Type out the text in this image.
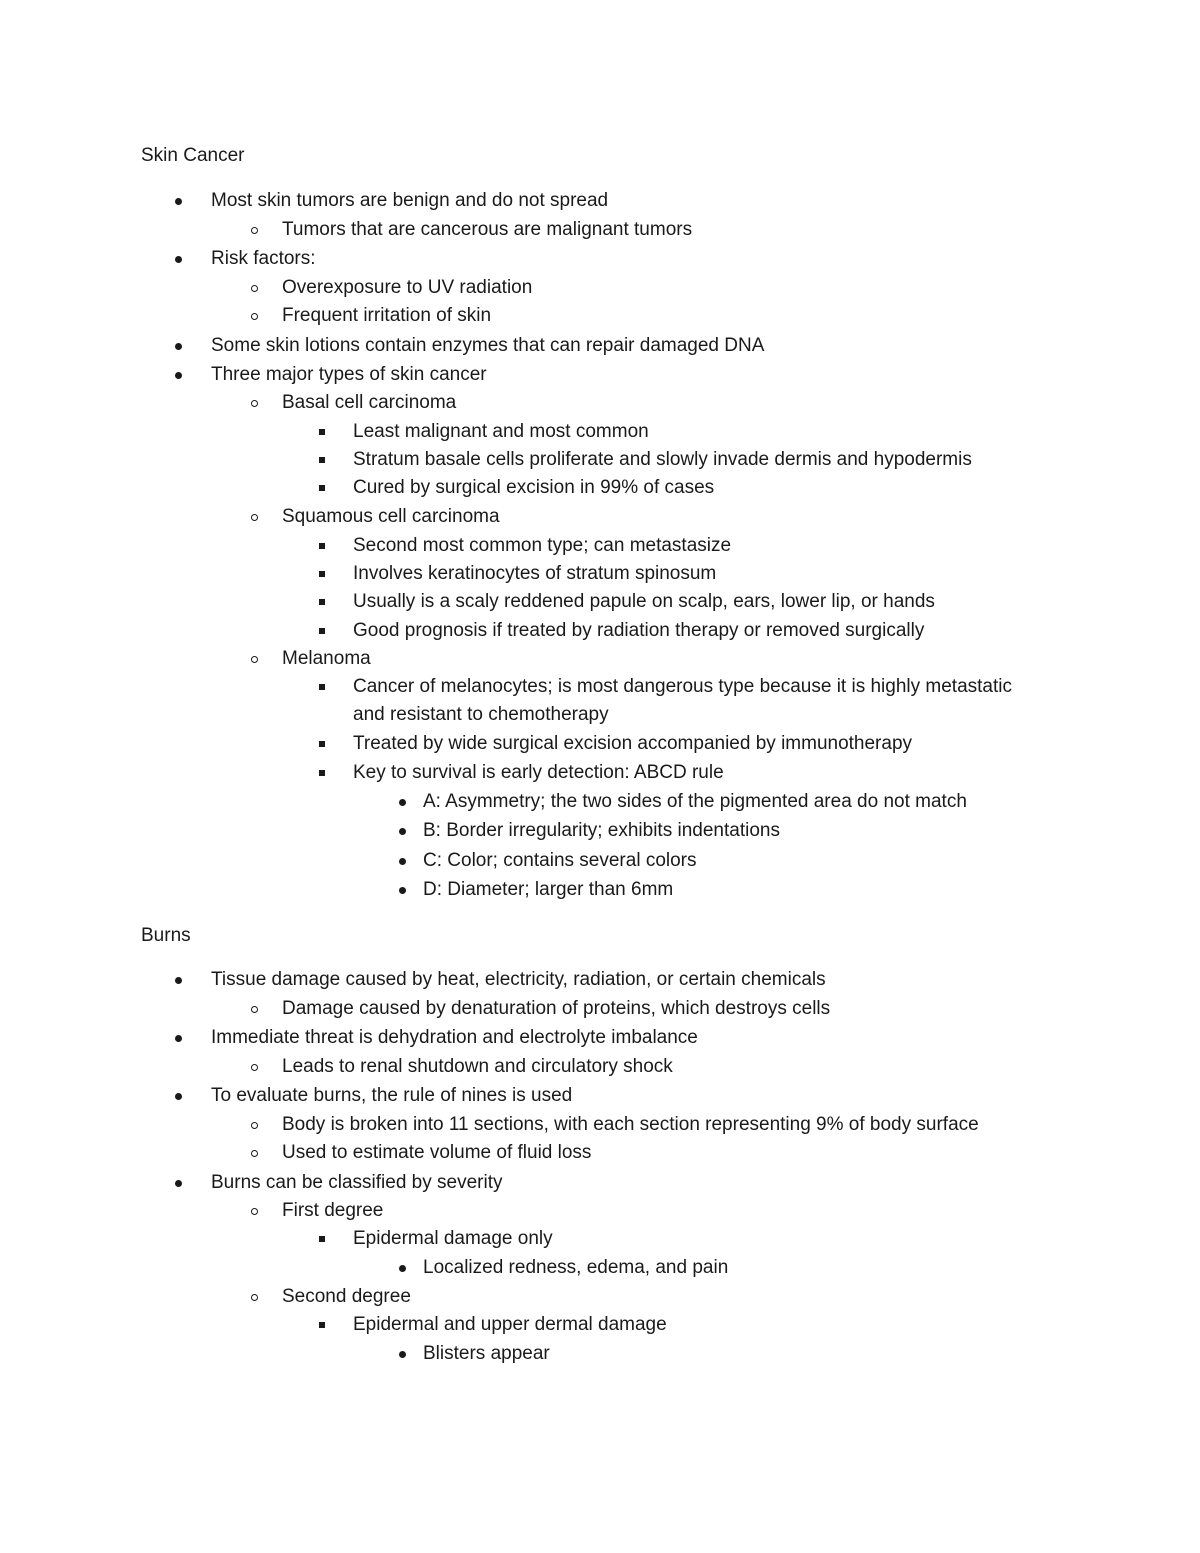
Skin Cancer
Most skin tumors are benign and do not spread
Tumors that are cancerous are malignant tumors
Risk factors:
Overexposure to UV radiation
Frequent irritation of skin
Some skin lotions contain enzymes that can repair damaged DNA
Three major types of skin cancer
Basal cell carcinoma
Least malignant and most common
Stratum basale cells proliferate and slowly invade dermis and hypodermis
Cured by surgical excision in 99% of cases
Squamous cell carcinoma
Second most common type; can metastasize
Involves keratinocytes of stratum spinosum
Usually is a scaly reddened papule on scalp, ears, lower lip, or hands
Good prognosis if treated by radiation therapy or removed surgically
Melanoma
Cancer of melanocytes; is most dangerous type because it is highly metastatic
and resistant to chemotherapy
Treated by wide surgical excision accompanied by immunotherapy
Key to survival is early detection: ABCD rule
A: Asymmetry; the two sides of the pigmented area do not match
B: Border irregularity; exhibits indentations
C: Color; contains several colors
D: Diameter; larger than 6mm
Burns
Tissue damage caused by heat, electricity, radiation, or certain chemicals
Damage caused by denaturation of proteins, which destroys cells
Immediate threat is dehydration and electrolyte imbalance
Leads to renal shutdown and circulatory shock
To evaluate burns, the rule of nines is used
Body is broken into 11 sections, with each section representing 9% of body surface
Used to estimate volume of fluid loss
Burns can be classified by severity
First degree
Epidermal damage only
Localized redness, edema, and pain
Second degree
Epidermal and upper dermal damage
Blisters appear
